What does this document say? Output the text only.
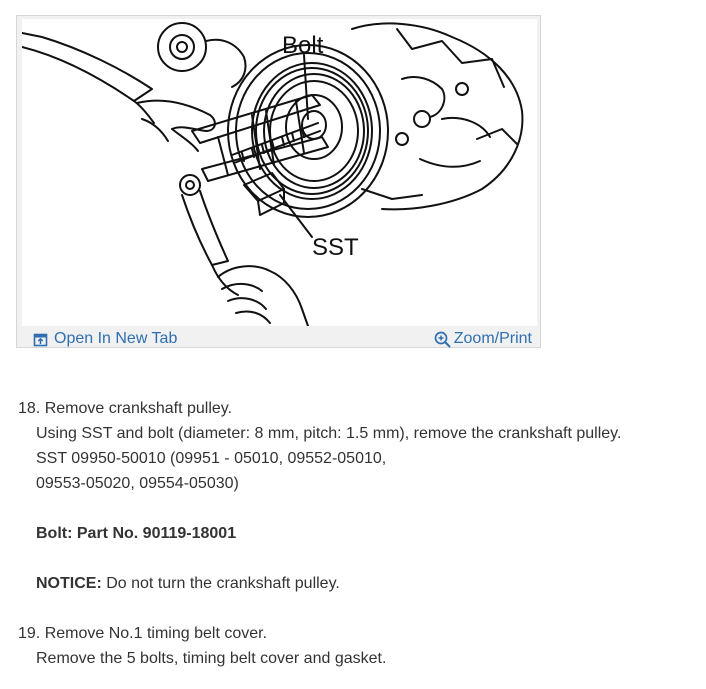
Bolt
SST
Open In New Tab	Zoom/Print
18. Remove crankshaft pulley.
Using SST and bolt (diameter: 8 mm, pitch: 1.5 mm), remove the crankshaft pulley.
SST 09950-50010 (09951 - 05010, 09552-05010,
09553-05020, 09554-05030)
Bolt: Part No. 90119-18001
NOTICE: Do not turn the crankshaft pulley.
19. Remove No.1 timing belt cover.
Remove the 5 bolts, timing belt cover and gasket.
